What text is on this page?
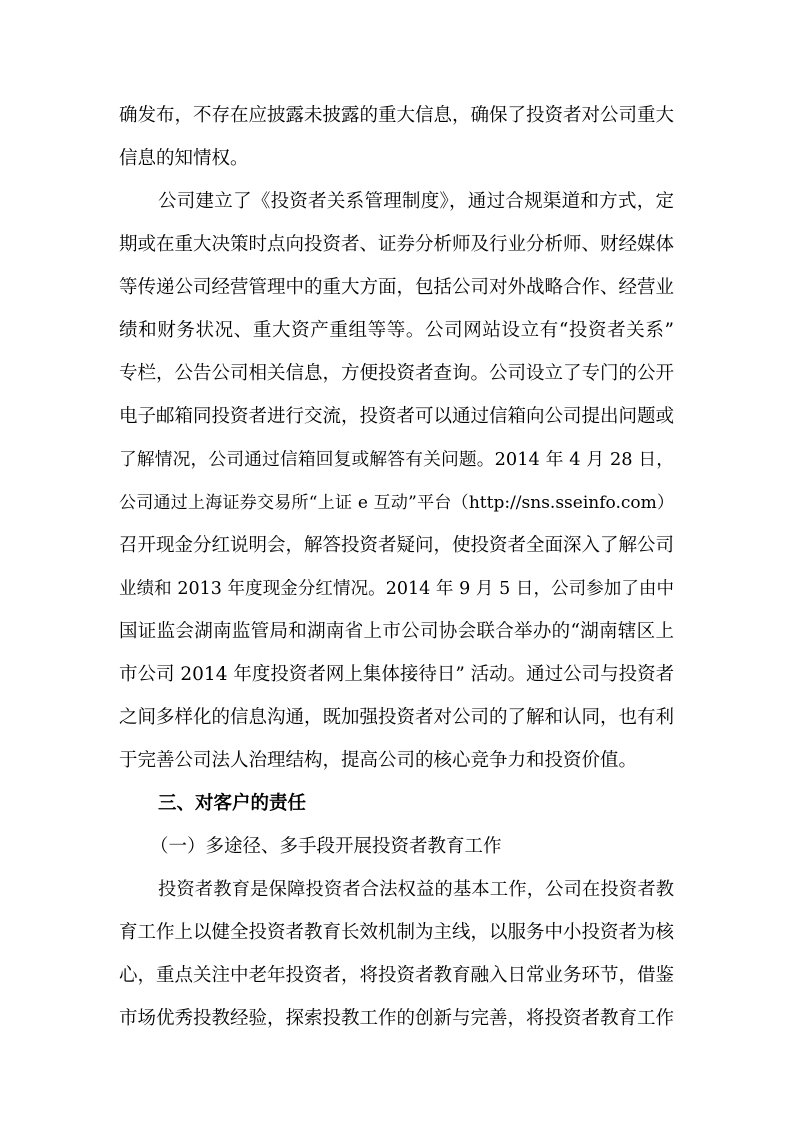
确发布，不存在应披露未披露的重大信息，确保了投资者对公司重大
信息的知情权。
公司建立了《投资者关系管理制度》，通过合规渠道和方式，定
期或在重大决策时点向投资者、证券分析师及行业分析师、财经媒体
等传递公司经营管理中的重大方面，包括公司对外战略合作、经营业
绩和财务状况、重大资产重组等等。公司网站设立有“投资者关系”
专栏，公告公司相关信息，方便投资者查询。公司设立了专门的公开
电子邮箱同投资者进行交流，投资者可以通过信箱向公司提出问题或
了解情况，公司通过信箱回复或解答有关问题。2014 年 4 月 28 日，
公司通过上海证券交易所“上证 e 互动”平台（http://sns.sseinfo.com）
召开现金分红说明会，解答投资者疑问，使投资者全面深入了解公司
业绩和 2013 年度现金分红情况。2014 年 9 月 5 日，公司参加了由中
国证监会湖南监管局和湖南省上市公司协会联合举办的“湖南辖区上
市公司 2014 年度投资者网上集体接待日” 活动。通过公司与投资者
之间多样化的信息沟通，既加强投资者对公司的了解和认同，也有利
于完善公司法人治理结构，提高公司的核心竞争力和投资价值。
三、对客户的责任
（一）多途径、多手段开展投资者教育工作
投资者教育是保障投资者合法权益的基本工作，公司在投资者教
育工作上以健全投资者教育长效机制为主线，以服务中小投资者为核
心，重点关注中老年投资者，将投资者教育融入日常业务环节，借鉴
市场优秀投教经验，探索投教工作的创新与完善，将投资者教育工作
